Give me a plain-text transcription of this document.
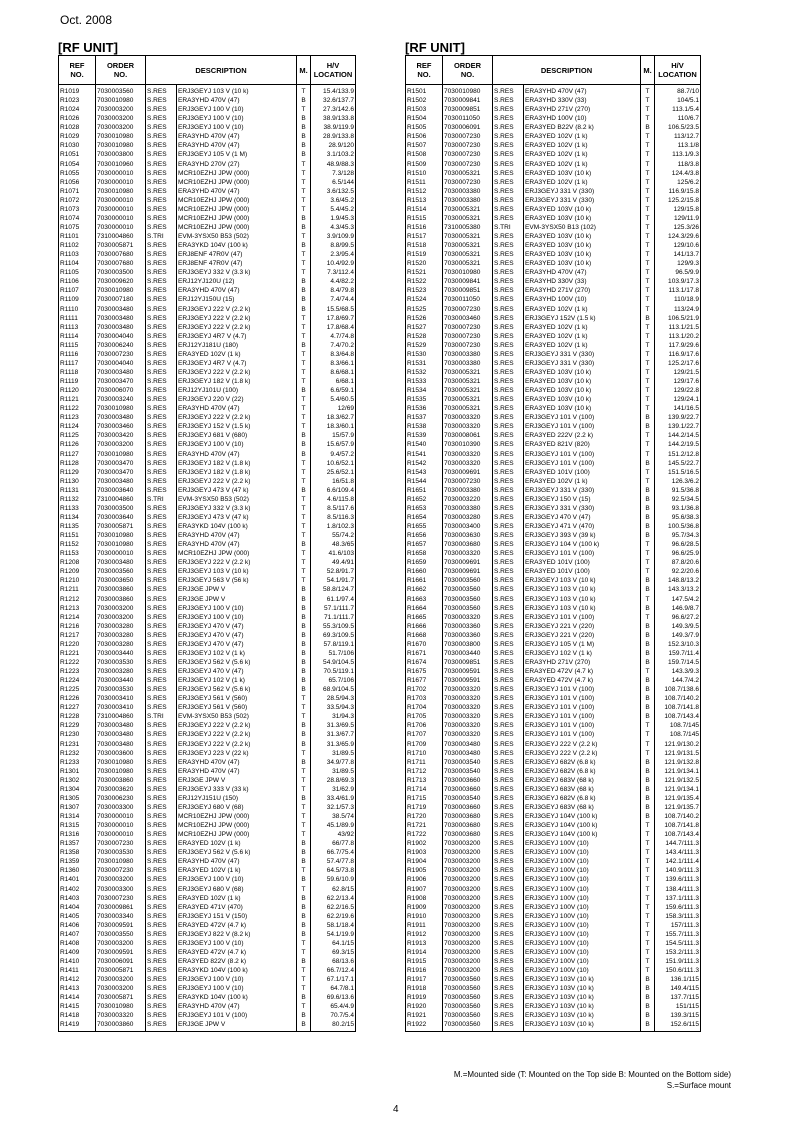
Oct. 2008
[RF UNIT]	[RF UNIT]
REF
NO.	ORDER
NO.	DESCRIPTION		M.	H/V
LOCATION
R1019	7030003560	S.RES	ERJ3GEYJ 103 V (10 k)	T	15.4/133.9
R1023	7030010980	S.RES	ERA3YHD 470V (47)	B	32.6/137.7
R1024	7030003200	S.RES	ERJ3GEYJ 100 V (10)	T	27.3/142.6
R1026	7030003200	S.RES	ERJ3GEYJ 100 V (10)	B	38.9/133.8
R1028	7030003200	S.RES	ERJ3GEYJ 100 V (10)	B	38.9/119.9
R1029	7030010980	S.RES	ERA3YHD 470V (47)	B	28.9/133.8
R1030	7030010980	S.RES	ERA3YHD 470V (47)	B	28.9/120
R1051	7030003800	S.RES	ERJ3GEYJ 105 V (1 M)	B	3.1/103.2
R1054	7030010960	S.RES	ERA3YHD 270V (27)	T	48.9/88.3
R1055	7030000010	S.RES	MCR10EZHJ JPW (000)	T	7.3/128
R1056	7030000010	S.RES	MCR10EZHJ JPW (000)	T	6.5/144
R1071	7030010980	S.RES	ERA3YHD 470V (47)	T	3.6/132.5
R1072	7030000010	S.RES	MCR10EZHJ JPW (000)	T	3.6/45.2
R1073	7030000010	S.RES	MCR10EZHJ JPW (000)	T	5.4/45.2
R1074	7030000010	S.RES	MCR10EZHJ JPW (000)	B	1.9/45.3
R1075	7030000010	S.RES	MCR10EZHJ JPW (000)	B	4.3/45.3
R1101	7310004860	S.TRI	EVM-3YSX50 B53 (502)	T	3.9/109.9
R1102	7030005871	S.RES	ERA3YKD 104V (100 k)	B	8.8/99.5
R1103	7030007680	S.RES	ERJ8ENF 47R0V (47)	T	2.3/95.4
R1104	7030007680	S.RES	ERJ8ENF 47R0V (47)	T	10.4/92.9
R1105	7030003500	S.RES	ERJ3GEYJ 332 V (3.3 k)	T	7.3/112.4
R1106	7030009620	S.RES	ERJ12YJ120U (12)	B	4.4/82.2
R1107	7030010980	S.RES	ERA3YHD 470V (47)	B	8.4/79.8
R1109	7030007180	S.RES	ERJ12YJ150U (15)	B	7.4/74.4
R1110	7030003480	S.RES	ERJ3GEYJ 222 V (2.2 k)	B	15.5/68.5
R1111	7030003480	S.RES	ERJ3GEYJ 222 V (2.2 k)	T	17.8/69.7
R1113	7030003480	S.RES	ERJ3GEYJ 222 V (2.2 k)	T	17.8/68.4
R1114	7030004040	S.RES	ERJ3GEYJ 4R7 V (4.7)	T	4.7/74.8
R1115	7030006240	S.RES	ERJ12YJ181U (180)	B	7.4/70.2
R1116	7030007230	S.RES	ERA3YED 102V (1 k)	T	8.3/64.8
R1117	7030004040	S.RES	ERJ3GEYJ 4R7 V (4.7)	T	8.3/66.1
R1118	7030003480	S.RES	ERJ3GEYJ 222 V (2.2 k)	T	8.6/68.1
R1119	7030003470	S.RES	ERJ3GEYJ 182 V (1.8 k)	T	6/68.1
R1120	7030006070	S.RES	ERJ12YJ101U (100)	B	6.6/59.1
R1121	7030003240	S.RES	ERJ3GEYJ 220 V (22)	T	5.4/60.5
R1122	7030010980	S.RES	ERA3YHD 470V (47)	T	12/69
R1123	7030003480	S.RES	ERJ3GEYJ 222 V (2.2 k)	T	18.3/62.7
R1124	7030003460	S.RES	ERJ3GEYJ 152 V (1.5 k)	T	18.3/60.1
R1125	7030003420	S.RES	ERJ3GEYJ 681 V (680)	B	15/57.9
R1126	7030003200	S.RES	ERJ3GEYJ 100 V (10)	B	15.6/57.9
R1127	7030010980	S.RES	ERA3YHD 470V (47)	B	9.4/57.2
R1128	7030003470	S.RES	ERJ3GEYJ 182 V (1.8 k)	T	10.6/52.1
R1129	7030003470	S.RES	ERJ3GEYJ 182 V (1.8 k)	T	25.6/52.1
R1130	7030003480	S.RES	ERJ3GEYJ 222 V (2.2 k)	T	16/51.8
R1131	7030003640	S.RES	ERJ3GEYJ 473 V (47 k)	B	6.6/109.4
R1132	7310004860	S.TRI	EVM-3YSX50 B53 (502)	T	4.6/115.8
R1133	7030003500	S.RES	ERJ3GEYJ 332 V (3.3 k)	T	8.5/117.6
R1134	7030003640	S.RES	ERJ3GEYJ 473 V (47 k)	T	8.5/116.3
R1135	7030005871	S.RES	ERA3YKD 104V (100 k)	T	1.8/102.3
R1151	7030010980	S.RES	ERA3YHD 470V (47)	T	55/74.2
R1152	7030010980	S.RES	ERA3YHD 470V (47)	B	48.3/65
R1153	7030000010	S.RES	MCR10EZHJ JPW (000)	T	41.6/103
R1208	7030003480	S.RES	ERJ3GEYJ 222 V (2.2 k)	T	49.4/91
R1209	7030003560	S.RES	ERJ3GEYJ 103 V (10 k)	T	52.8/91.7
R1210	7030003650	S.RES	ERJ3GEYJ 563 V (56 k)	T	54.1/91.7
R1211	7030003860	S.RES	ERJ3GE JPW V	B	58.8/124.7
R1212	7030003860	S.RES	ERJ3GE JPW V	B	61.1/97.4
R1213	7030003200	S.RES	ERJ3GEYJ 100 V (10)	B	57.1/111.7
R1214	7030003200	S.RES	ERJ3GEYJ 100 V (10)	B	71.1/111.7
R1216	7030003280	S.RES	ERJ3GEYJ 470 V (47)	B	55.3/109.5
R1217	7030003280	S.RES	ERJ3GEYJ 470 V (47)	B	69.3/109.5
R1220	7030003280	S.RES	ERJ3GEYJ 470 V (47)	B	57.8/119.1
R1221	7030003440	S.RES	ERJ3GEYJ 102 V (1 k)	B	51.7/106
R1222	7030003530	S.RES	ERJ3GEYJ 562 V (5.6 k)	B	54.9/104.5
R1223	7030003280	S.RES	ERJ3GEYJ 470 V (47)	B	70.5/119.1
R1224	7030003440	S.RES	ERJ3GEYJ 102 V (1 k)	B	65.7/106
R1225	7030003530	S.RES	ERJ3GEYJ 562 V (5.6 k)	B	68.9/104.5
R1226	7030003410	S.RES	ERJ3GEYJ 561 V (560)	T	28.5/94.3
R1227	7030003410	S.RES	ERJ3GEYJ 561 V (560)	T	33.5/94.3
R1228	7310004860	S.TRI	EVM-3YSX50 B53 (502)	T	31/94.3
R1229	7030003480	S.RES	ERJ3GEYJ 222 V (2.2 k)	B	31.3/69.5
R1230	7030003480	S.RES	ERJ3GEYJ 222 V (2.2 k)	B	31.3/67.7
R1231	7030003480	S.RES	ERJ3GEYJ 222 V (2.2 k)	B	31.3/65.9
R1232	7030003600	S.RES	ERJ3GEYJ 223 V (22 k)	T	31/89.5
R1233	7030010980	S.RES	ERA3YHD 470V (47)	B	34.9/77.8
R1301	7030010980	S.RES	ERA3YHD 470V (47)	T	31/89.5
R1302	7030003860	S.RES	ERJ3GE JPW V	T	28.8/69.3
R1304	7030003620	S.RES	ERJ3GEYJ 333 V (33 k)	T	31/62.9
R1305	7030006230	S.RES	ERJ12YJ151U (150)	B	33.4/61.9
R1307	7030003300	S.RES	ERJ3GEYJ 680 V (68)	T	32.1/57.3
R1314	7030000010	S.RES	MCR10EZHJ JPW (000)	T	38.5/74
R1315	7030000010	S.RES	MCR10EZHJ JPW (000)	T	45.1/89.9
R1316	7030000010	S.RES	MCR10EZHJ JPW (000)	T	43/92
R1357	7030007230	S.RES	ERA3YED 102V (1 k)	B	66/77.8
R1358	7030003530	S.RES	ERJ3GEYJ 562 V (5.6 k)	B	66.7/75.4
R1359	7030010980	S.RES	ERA3YHD 470V (47)	B	57.4/77.8
R1360	7030007230	S.RES	ERA3YED 102V (1 k)	T	64.5/73.8
R1401	7030003200	S.RES	ERJ3GEYJ 100 V (10)	B	59.6/10.9
R1402	7030003300	S.RES	ERJ3GEYJ 680 V (68)	T	62.8/15
R1403	7030007230	S.RES	ERA3YED 102V (1 k)	B	62.2/13.4
R1404	7030009861	S.RES	ERA3YED 471V (470)	B	62.2/16.5
R1405	7030003340	S.RES	ERJ3GEYJ 151 V (150)	B	62.2/19.6
R1406	7030009591	S.RES	ERA3YED 472V (4.7 k)	B	58.1/18.4
R1407	7030003550	S.RES	ERJ3GEYJ 822 V (8.2 k)	B	54.1/19.9
R1408	7030003200	S.RES	ERJ3GEYJ 100 V (10)	T	64.1/15
R1409	7030009591	S.RES	ERA3YED 472V (4.7 k)	T	69.3/15
R1410	7030006091	S.RES	ERA3YED 822V (8.2 k)	B	68/13.6
R1411	7030005871	S.RES	ERA3YKD 104V (100 k)	T	66.7/12.4
R1412	7030003200	S.RES	ERJ3GEYJ 100 V (10)	T	67.1/17.1
R1413	7030003200	S.RES	ERJ3GEYJ 100 V (10)	T	64.7/8.1
R1414	7030005871	S.RES	ERA3YKD 104V (100 k)	B	69.6/13.6
R1415	7030010980	S.RES	ERA3YHD 470V (47)	T	65.4/4.9
R1418	7030003320	S.RES	ERJ3GEYJ 101 V (100)	B	70.7/5.4
R1419	7030003860	S.RES	ERJ3GE JPW V	B	80.2/15
REF
NO.	ORDER
NO.	DESCRIPTION		M.	H/V
LOCATION
R1501	7030010980	S.RES	ERA3YHD 470V (47)	T	88.7/10
R1502	7030009841	S.RES	ERA3YHD 330V (33)	T	104/5.1
R1503	7030009851	S.RES	ERA3YHD 271V (270)	T	113.1/5.4
R1504	7030011050	S.RES	ERA3YHD 100V (10)	T	110/6.7
R1505	7030006091	S.RES	ERA3YED B22V (8.2 k)	B	106.5/23.5
R1506	7030007230	S.RES	ERA3YED 102V (1 k)	T	113/12.7
R1507	7030007230	S.RES	ERA3YED 102V (1 k)	T	113.1/8
R1508	7030007230	S.RES	ERA3YED 102V (1 k)	T	113.1/9.3
R1509	7030007230	S.RES	ERA3YED 102V (1 k)	T	118/3.8
R1510	7030005321	S.RES	ERA3YED 103V (10 k)	T	124.4/3.8
R1511	7030007230	S.RES	ERA3YED 102V (1 k)	T	125/6.2
R1512	7030003380	S.RES	ERJ3GEYJ 331 V (330)	T	116.9/15.8
R1513	7030003380	S.RES	ERJ3GEYJ 331 V (330)	T	125.2/15.8
R1514	7030005321	S.RES	ERA3YED 103V (10 k)	T	129/15.8
R1515	7030005321	S.RES	ERA3YED 103V (10 k)	T	129/11.9
R1516	7310005380	S.TRI	EVM-3YSX50 B13 (102)	T	125.3/26
R1517	7030005321	S.RES	ERA3YED 103V (10 k)	T	124.3/29.6
R1518	7030005321	S.RES	ERA3YED 103V (10 k)	T	129/10.6
R1519	7030005321	S.RES	ERA3YED 103V (10 k)	T	141/13.7
R1520	7030005321	S.RES	ERA3YED 103V (10 k)	T	129/9.3
R1521	7030010980	S.RES	ERA3YHD 470V (47)	T	96.5/9.9
R1522	7030009841	S.RES	ERA3YHD 330V (33)	T	103.9/17.3
R1523	7030009851	S.RES	ERA3YHD 271V (270)	T	113.1/17.8
R1524	7030011050	S.RES	ERA3YHD 100V (10)	T	110/18.9
R1525	7030007230	S.RES	ERA3YED 102V (1 k)	T	113/24.9
R1526	7030003460	S.RES	ERJ3GEYJ 152V (1.5 k)	B	106.5/21.9
R1527	7030007230	S.RES	ERA3YED 102V (1 k)	T	113.1/21.5
R1528	7030007230	S.RES	ERA3YED 102V (1 k)	T	113.1/20.2
R1529	7030007230	S.RES	ERA3YED 102V (1 k)	T	117.9/29.6
R1530	7030003380	S.RES	ERJ3GEYJ 331 V (330)	T	116.9/17.6
R1531	7030003380	S.RES	ERJ3GEYJ 331 V (330)	T	125.2/17.6
R1532	7030005321	S.RES	ERA3YED 103V (10 k)	T	129/21.5
R1533	7030005321	S.RES	ERA3YED 103V (10 k)	T	129/17.6
R1534	7030005321	S.RES	ERA3YED 103V (10 k)	T	129/22.8
R1535	7030005321	S.RES	ERA3YED 103V (10 k)	T	129/24.1
R1536	7030005321	S.RES	ERA3YED 103V (10 k)	T	141/16.5
R1537	7030003320	S.RES	ERJ3GEYJ 101 V (100)	B	139.9/22.7
R1538	7030003320	S.RES	ERJ3GEYJ 101 V (100)	B	139.1/22.7
R1539	7030008061	S.RES	ERA3YED 222V (2.2 k)	T	144.2/14.5
R1540	7030010390	S.RES	ERA3YED 821V (820)	T	144.2/19.5
R1541	7030003320	S.RES	ERJ3GEYJ 101 V (100)	T	151.2/12.8
R1542	7030003320	S.RES	ERJ3GEYJ 101 V (100)	B	145.5/22.7
R1543	7030009691	S.RES	ERA3YED 101V (100)	T	151.5/16.5
R1544	7030007230	S.RES	ERA3YED 102V (1 k)	T	126.3/6.2
R1651	7030003380	S.RES	ERJ3GEYJ 331 V (330)	B	91.5/36.8
R1652	7030003220	S.RES	ERJ3GEYJ 150 V (15)	B	92.5/34.5
R1653	7030003380	S.RES	ERJ3GEYJ 331 V (330)	B	93.1/36.8
R1654	7030003280	S.RES	ERJ3GEYJ 470 V (47)	B	95.6/38.3
R1655	7030003400	S.RES	ERJ3GEYJ 471 V (470)	B	100.5/36.8
R1656	7030003630	S.RES	ERJ3GEYJ 393 V (39 k)	B	95.7/34.3
R1657	7030003680	S.RES	ERJ3GEYJ 104 V (100 k)	T	96.6/28.5
R1658	7030003320	S.RES	ERJ3GEYJ 101 V (100)	T	96.6/25.9
R1659	7030009691	S.RES	ERA3YED 101V (100)	T	87.8/20.6
R1660	7030009691	S.RES	ERA3YED 101V (100)	T	92.2/20.6
R1661	7030003560	S.RES	ERJ3GEYJ 103 V (10 k)	B	148.8/13.2
R1662	7030003560	S.RES	ERJ3GEYJ 103 V (10 k)	B	143.3/13.2
R1663	7030003560	S.RES	ERJ3GEYJ 103 V (10 k)	T	147.5/4.2
R1664	7030003560	S.RES	ERJ3GEYJ 103 V (10 k)	B	146.9/8.7
R1665	7030003320	S.RES	ERJ3GEYJ 101 V (100)	T	96.6/27.2
R1666	7030003360	S.RES	ERJ3GEYJ 221 V (220)	B	149.3/9.5
R1668	7030003360	S.RES	ERJ3GEYJ 221 V (220)	B	149.3/7.9
R1670	7030003800	S.RES	ERJ3GEYJ 105 V (1 M)	B	152.3/10.3
R1671	7030003440	S.RES	ERJ3GEYJ 102 V (1 k)	B	159.7/11.4
R1674	7030009851	S.RES	ERA3YHD 271V (270)	B	159.7/14.5
R1675	7030009591	S.RES	ERA3YED 472V (4.7 k)	T	143.3/9.3
R1677	7030009591	S.RES	ERA3YED 472V (4.7 k)	B	144.7/4.2
R1702	7030003320	S.RES	ERJ3GEYJ 101 V (100)	B	108.7/138.6
R1703	7030003320	S.RES	ERJ3GEYJ 101 V (100)	B	108.7/140.2
R1704	7030003320	S.RES	ERJ3GEYJ 101 V (100)	B	108.7/141.8
R1705	7030003320	S.RES	ERJ3GEYJ 101 V (100)	B	108.7/143.4
R1706	7030003320	S.RES	ERJ3GEYJ 101 V (100)	T	108.7/145
R1707	7030003320	S.RES	ERJ3GEYJ 101 V (100)	T	108.7/145
R1709	7030003480	S.RES	ERJ3GEYJ 222 V (2.2 k)	T	121.9/130.2
R1710	7030003480	S.RES	ERJ3GEYJ 222 V (2.2 k)	T	121.9/131.5
R1711	7030003540	S.RES	ERJ3GEYJ 682V (6.8 k)	B	121.9/132.8
R1712	7030003540	S.RES	ERJ3GEYJ 682V (6.8 k)	B	121.9/134.1
R1713	7030003660	S.RES	ERJ3GEYJ 683V (68 k)	B	121.9/132.5
R1714	7030003660	S.RES	ERJ3GEYJ 683V (68 k)	B	121.9/134.1
R1715	7030003540	S.RES	ERJ3GEYJ 682V (6.8 k)	B	121.9/135.4
R1719	7030003660	S.RES	ERJ3GEYJ 683V (68 k)	B	121.9/135.7
R1720	7030003680	S.RES	ERJ3GEYJ 104V (100 k)	B	108.7/140.2
R1721	7030003680	S.RES	ERJ3GEYJ 104V (100 k)	T	108.7/141.8
R1722	7030003680	S.RES	ERJ3GEYJ 104V (100 k)	T	108.7/143.4
R1902	7030003200	S.RES	ERJ3GEYJ 100V (10)	T	144.7/111.3
R1903	7030003200	S.RES	ERJ3GEYJ 100V (10)	T	143.4/111.3
R1904	7030003200	S.RES	ERJ3GEYJ 100V (10)	T	142.1/111.4
R1905	7030003200	S.RES	ERJ3GEYJ 100V (10)	T	140.9/111.3
R1906	7030003200	S.RES	ERJ3GEYJ 100V (10)	T	139.6/111.3
R1907	7030003200	S.RES	ERJ3GEYJ 100V (10)	T	138.4/111.3
R1908	7030003200	S.RES	ERJ3GEYJ 100V (10)	T	137.1/111.3
R1909	7030003200	S.RES	ERJ3GEYJ 100V (10)	T	159.6/111.3
R1910	7030003200	S.RES	ERJ3GEYJ 100V (10)	T	158.3/111.3
R1911	7030003200	S.RES	ERJ3GEYJ 100V (10)	T	157/111.3
R1912	7030003200	S.RES	ERJ3GEYJ 100V (10)	T	155.7/111.3
R1913	7030003200	S.RES	ERJ3GEYJ 100V (10)	T	154.5/111.3
R1914	7030003200	S.RES	ERJ3GEYJ 100V (10)	T	153.2/111.3
R1915	7030003200	S.RES	ERJ3GEYJ 100V (10)	T	151.9/111.3
R1916	7030003200	S.RES	ERJ3GEYJ 100V (10)	T	150.6/111.3
R1917	7030003560	S.RES	ERJ3GEYJ 103V (10 k)	B	136.1/115
R1918	7030003560	S.RES	ERJ3GEYJ 103V (10 k)	B	149.4/115
R1919	7030003560	S.RES	ERJ3GEYJ 103V (10 k)	B	137.7/115
R1920	7030003560	S.RES	ERJ3GEYJ 103V (10 k)	B	151/115
R1921	7030003560	S.RES	ERJ3GEYJ 103V (10 k)	B	139.3/115
R1922	7030003560	S.RES	ERJ3GEYJ 103V (10 k)	B	152.6/115
M.=Mounted side (T: Mounted on the Top side B: Mounted on the Bottom side)
S.=Surface mount
4
